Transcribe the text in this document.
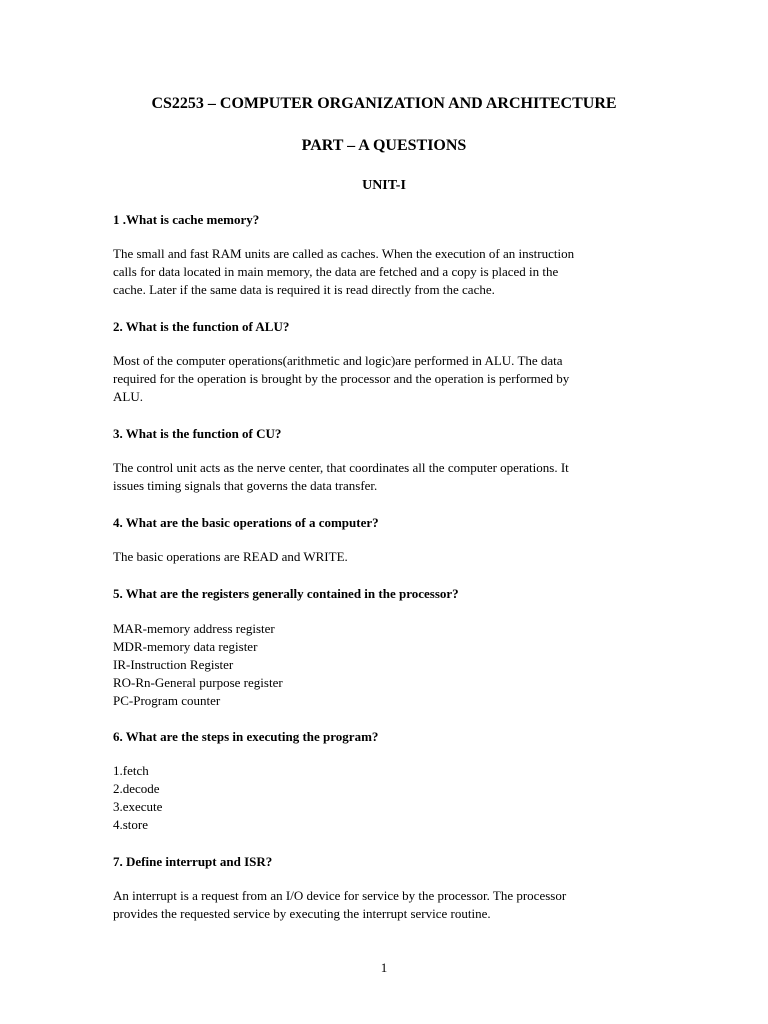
CS2253 – COMPUTER ORGANIZATION AND ARCHITECTURE
PART – A QUESTIONS
UNIT-I
1 .What is cache memory?
The small and fast RAM units are called as caches. When the execution of an instruction
calls for data located in main memory, the data are fetched and a copy is placed in the
cache. Later if the same data is required it is read directly from the cache.
2. What is the function of ALU?
Most of the computer operations(arithmetic and logic)are performed in ALU. The data
required for the operation is brought by the processor and the operation is performed by
ALU.
3. What is the function of CU?
The control unit acts as the nerve center, that coordinates all the computer operations. It
issues timing signals that governs the data transfer.
4. What are the basic operations of a computer?
The basic operations are READ and WRITE.
5. What are the registers generally contained in the processor?
MAR-memory address register
MDR-memory data register
IR-Instruction Register
RO-Rn-General purpose register
PC-Program counter
6. What are the steps in executing the program?
1.fetch
2.decode
3.execute
4.store
7. Define interrupt and ISR?
An interrupt is a request from an I/O device for service by the processor. The processor
provides the requested service by executing the interrupt service routine.
1
